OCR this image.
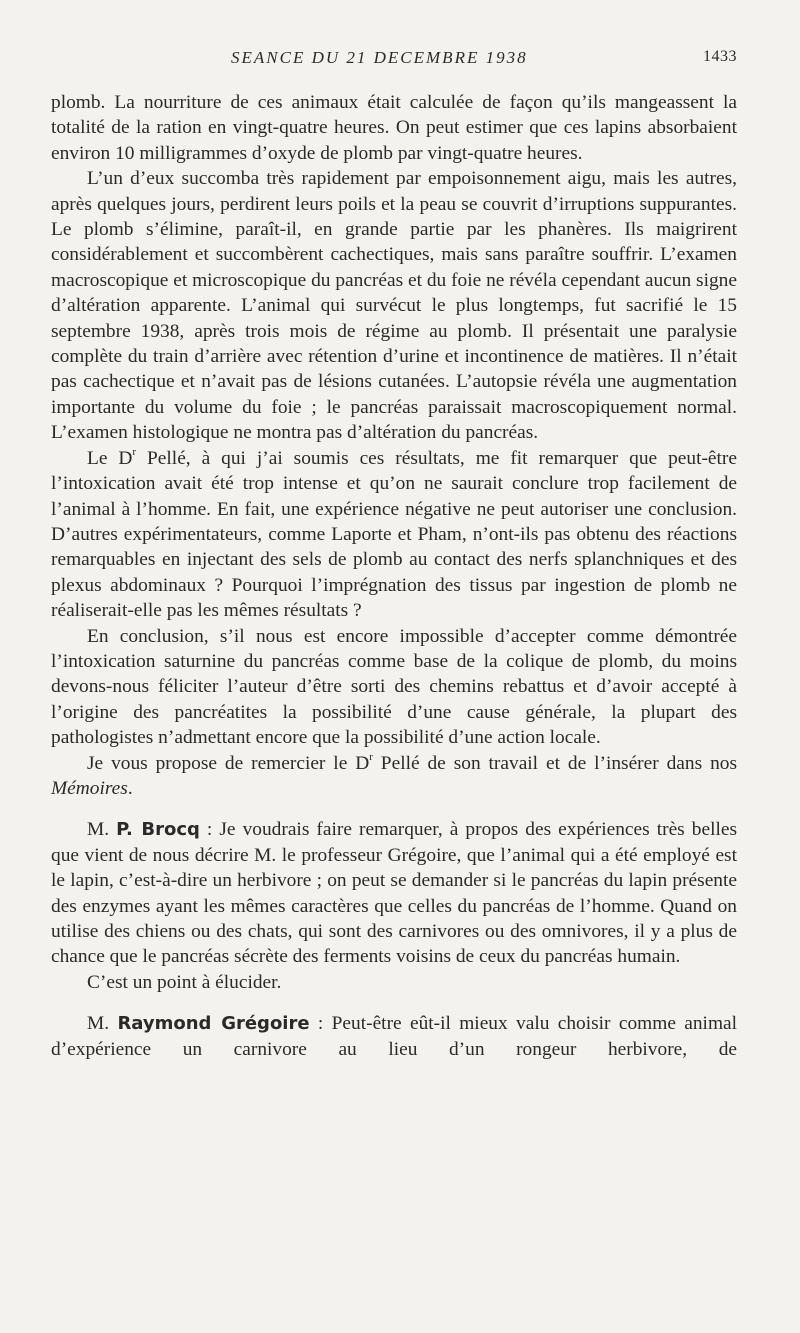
SEANCE DU 21 DECEMBRE 1938	1433

plomb. La nourriture de ces animaux était calculée de façon qu’ils mangeassent la totalité de la ration en vingt-quatre heures. On peut estimer que ces lapins absorbaient environ 10 milligrammes d’oxyde de plomb par vingt-quatre heures.

L’un d’eux succomba très rapidement par empoisonnement aigu, mais les autres, après quelques jours, perdirent leurs poils et la peau se couvrit d’irruptions suppurantes. Le plomb s’élimine, paraît-il, en grande partie par les phanères. Ils maigrirent considérablement et succombèrent cachectiques, mais sans paraître souffrir. L’examen macroscopique et microscopique du pancréas et du foie ne révéla cependant aucun signe d’altération apparente. L’animal qui survécut le plus longtemps, fut sacrifié le 15 septembre 1938, après trois mois de régime au plomb. Il présentait une paralysie complète du train d’arrière avec rétention d’urine et incontinence de matières. Il n’était pas cachectique et n’avait pas de lésions cutanées. L’autopsie révéla une augmentation importante du volume du foie ; le pancréas paraissait macroscopiquement normal. L’examen histologique ne montra pas d’altération du pancréas.

Le $D^r$ Pellé, à qui j’ai soumis ces résultats, me fit remarquer que peut-être l’intoxication avait été trop intense et qu’on ne saurait conclure trop facilement de l’animal à l’homme. En fait, une expérience négative ne peut autoriser une conclusion. D’autres expérimentateurs, comme Laporte et Pham, n’ont-ils pas obtenu des réactions remarquables en injectant des sels de plomb au contact des nerfs splanchniques et des plexus abdominaux ? Pourquoi l’imprégnation des tissus par ingestion de plomb ne réaliserait-elle pas les mêmes résultats ?

En conclusion, s’il nous est encore impossible d’accepter comme démontrée l’intoxication saturnine du pancréas comme base de la colique de plomb, du moins devons-nous féliciter l’auteur d’être sorti des chemins rebattus et d’avoir accepté à l’origine des pancréatites la possibilité d’une cause générale, la plupart des pathologistes n’admettant encore que la possibilité d’une action locale.

Je vous propose de remercier le $D^r$ Pellé de son travail et de l’insérer dans nos Mémoires.

M. P. Brocq : Je voudrais faire remarquer, à propos des expériences très belles que vient de nous décrire M. le professeur Grégoire, que l’animal qui a été employé est le lapin, c’est-à-dire un herbivore ; on peut se demander si le pancréas du lapin présente des enzymes ayant les mêmes caractères que celles du pancréas de l’homme. Quand on utilise des chiens ou des chats, qui sont des carnivores ou des omnivores, il y a plus de chance que le pancréas sécrète des ferments voisins de ceux du pancréas humain.

C’est un point à élucider.

M. Raymond Grégoire : Peut-être eût-il mieux valu choisir comme animal d’expérience un carnivore au lieu d’un rongeur herbivore, de
